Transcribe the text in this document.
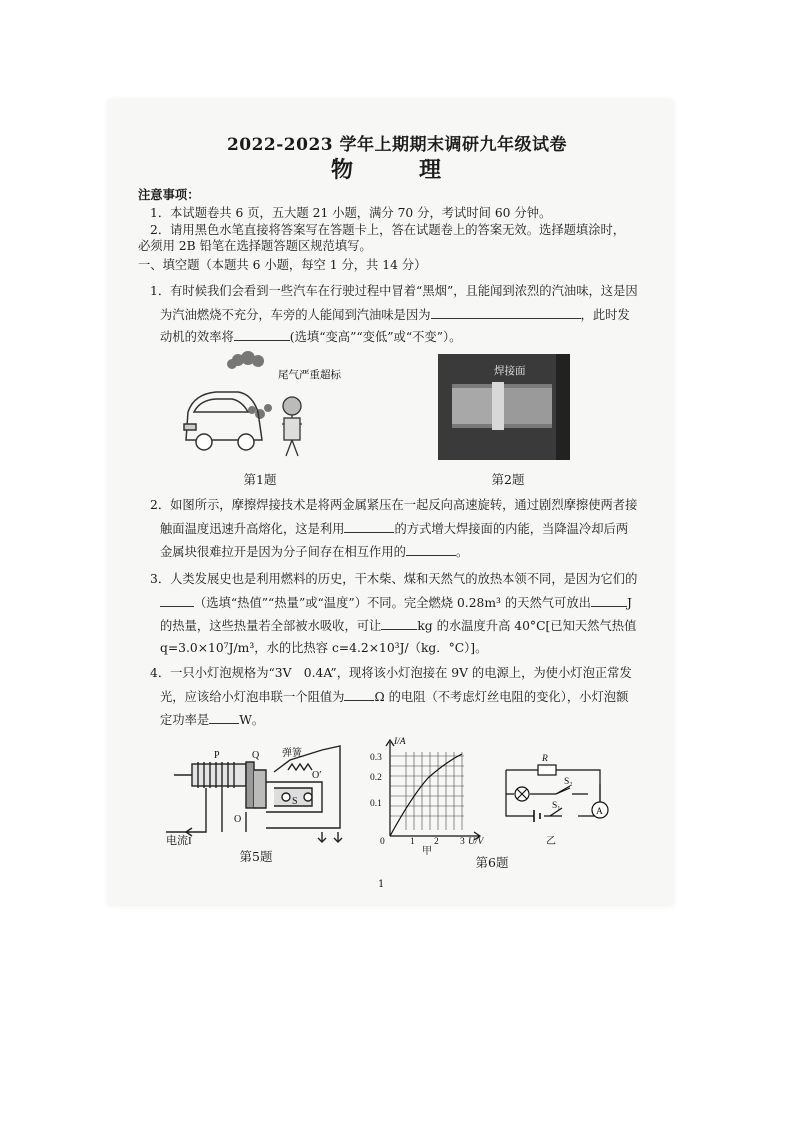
2022-2023 学年上期期末调研九年级试卷
物　理
注意事项：
1．本试题卷共 6 页，五大题 21 小题，满分 70 分，考试时间 60 分钟。
2．请用黑色水笔直接将答案写在答题卡上，答在试题卷上的答案无效。选择题填涂时，
必须用 2B 铅笔在选择题答题区规范填写。
一、填空题（本题共 6 小题，每空 1 分，共 14 分）
1．有时候我们会看到一些汽车在行驶过程中冒着“黑烟”，且能闻到浓烈的汽油味，这是因
为汽油燃烧不充分，车旁的人能闻到汽油味是因为	，此时发
动机的效率将	(选填“变高”“变低”或“不变”）。
尾气严重超标
第1题
焊接面
第2题
2．如图所示，摩擦焊接技术是将两金属紧压在一起反向高速旋转，通过剧烈摩擦使两者接
触面温度迅速升高熔化，这是利用	的方式增大焊接面的内能，当降温冷却后两
金属块很难拉开是因为分子间存在相互作用的	。
3．人类发展史也是利用燃料的历史，干木柴、煤和天然气的放热本领不同，是因为它们的
（选填“热值”“热量”或“温度”）不同。完全燃烧 0.28m³ 的天然气可放出	J
的热量，这些热量若全部被水吸收，可让	kg 的水温度升高 40°C[已知天然气热值
q=3.0×10⁷J/m³，水的比热容 c=4.2×10³J/（kg．°C）]。
4．一只小灯泡规格为“3V　0.4A”，现将该小灯泡接在 9V 的电源上，为使小灯泡正常发
光，应该给小灯泡串联一个阻值为 Ω 的电阻（不考虑灯丝电阻的变化），小灯泡额
定功率是 W。
P	Q 弹簧
O
O′
S
电流I
第5题
I/A
0.3
0.2
0.1
0	1 2 3 U/V
甲
R
S₂
S₁
A
乙
第6题
1
